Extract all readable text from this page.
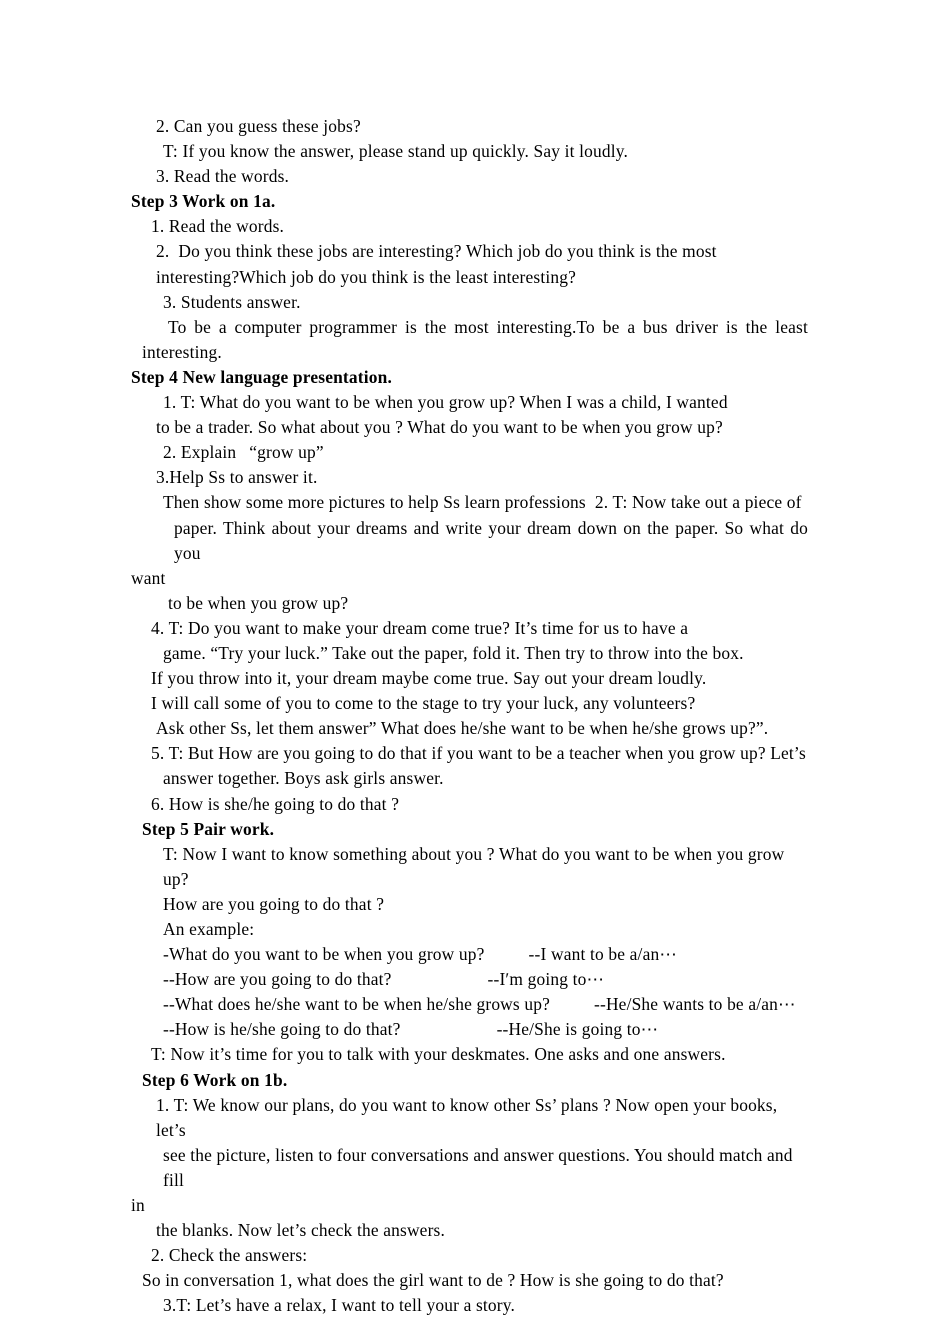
2. Can you guess these jobs?

T: If you know the answer, please stand up quickly. Say it loudly.

3. Read the words.

Step 3 Work on 1a.

1. Read the words.

2.  Do you think these jobs are interesting? Which job do you think is the most

interesting?Which job do you think is the least interesting?

3. Students answer.

To be a computer programmer is the most interesting.To be a bus driver is the least

interesting.

Step 4 New language presentation.

1. T: What do you want to be when you grow up? When I was a child, I wanted

to be a trader. So what about you ? What do you want to be when you grow up?

2. Explain “grow up”

3.Help Ss to answer it.

Then show some more pictures to help Ss learn professions  2. T: Now take out a piece of

paper. Think about your dreams and write your dream down on the paper. So what do you

want

to be when you grow up?

4. T: Do you want to make your dream come true? It’s time for us to have a

game. “Try your luck.” Take out the paper, fold it. Then try to throw into the box.

If you throw into it, your dream maybe come true. Say out your dream loudly.

I will call some of you to come to the stage to try your luck, any volunteers?

Ask other Ss, let them answer” What does he/she want to be when he/she grows up?”.

5. T: But How are you going to do that if you want to be a teacher when you grow up? Let’s

answer together. Boys ask girls answer.

6. How is she/he going to do that ?

Step 5 Pair work.

T: Now I want to know something about you ? What do you want to be when you grow up?

How are you going to do that ?

An example:

-What do you want to be when you grow up?	--I want to be a/an⋯

--How are you going to do that?	--Iʹm going to⋯

--What does he/she want to be when he/she grows up?	--He/She wants to be a/an⋯

--How is he/she going to do that?	--He/She is going to⋯

T: Now it’s time for you to talk with your deskmates. One asks and one answers.

Step 6 Work on 1b.

1. T: We know our plans, do you want to know other Ss’ plans ? Now open your books, let’s

see the picture, listen to four conversations and answer questions. You should match and fill

in

the blanks. Now let’s check the answers.

2. Check the answers:

So in conversation 1, what does the girl want to de ? How is she going to do that?

3.T: Let’s have a relax, I want to tell your a story.
